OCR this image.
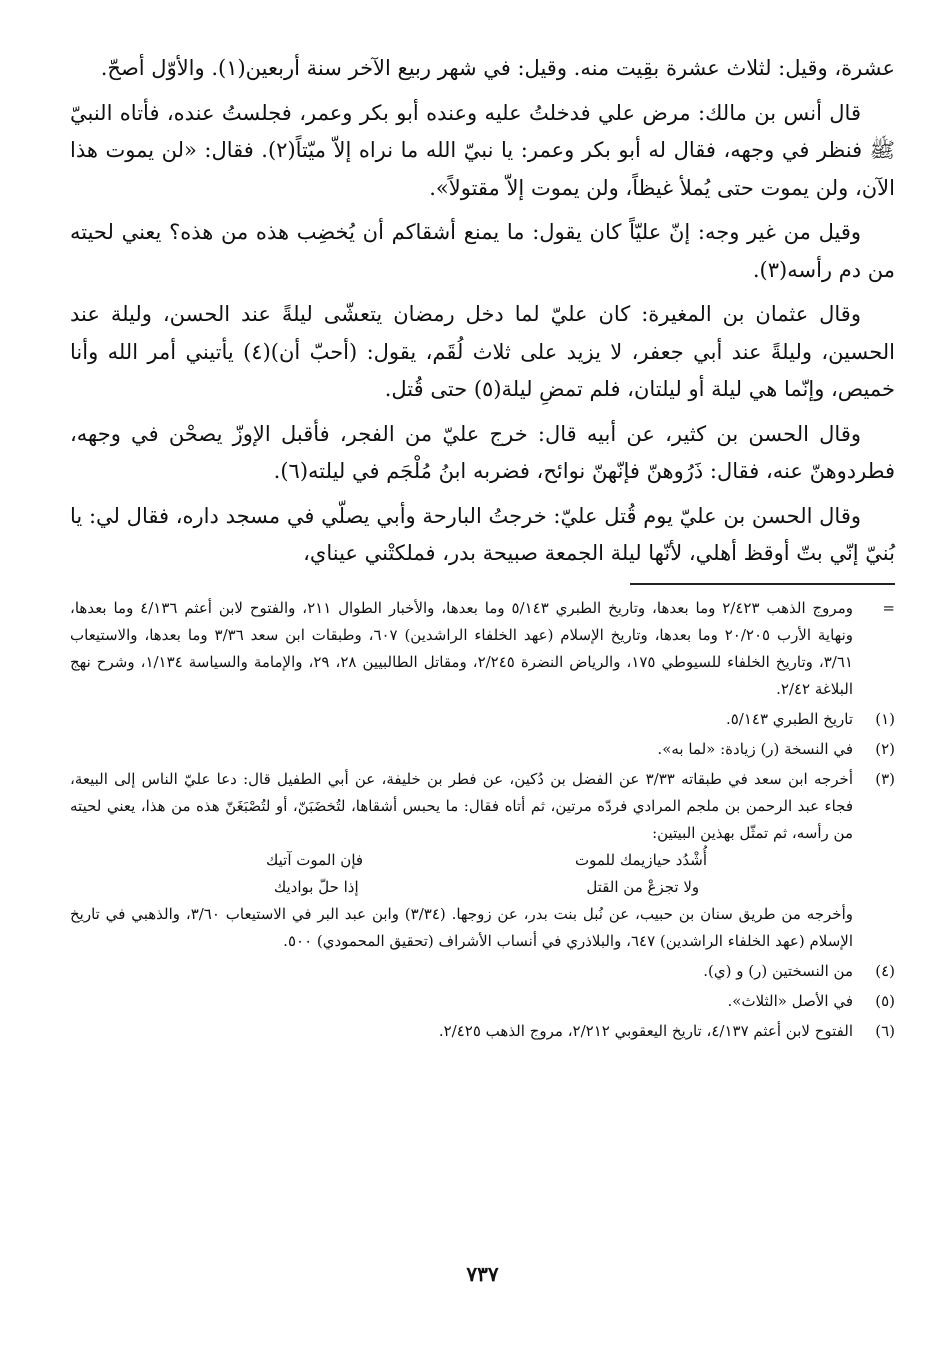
عشرة، وقيل: لثلاث عشرة بقِيت منه. وقيل: في شهر ربيع الآخر سنة أربعين(١). والأوّل أصحّ.

قال أنس بن مالك: مرض علي فدخلتُ عليه وعنده أبو بكر وعمر، فجلستُ عنده، فأتاه النبيّ ﷺ فنظر في وجهه، فقال له أبو بكر وعمر: يا نبيّ الله ما نراه إلاّ ميّتاً(٢). فقال: «لن يموت هذا الآن، ولن يموت حتى يُملأ غيظاً، ولن يموت إلاّ مقتولاً».

وقيل من غير وجه: إنّ عليّاً كان يقول: ما يمنع أشقاكم أن يُخضِب هذه من هذه؟ يعني لحيته من دم رأسه(٣).

وقال عثمان بن المغيرة: كان عليّ لما دخل رمضان يتعشّى ليلةً عند الحسن، وليلة عند الحسين، وليلةً عند أبي جعفر، لا يزيد على ثلاث لُقَم، يقول: (أحبّ أن)(٤) يأتيني أمر الله وأنا خميص، وإنّما هي ليلة أو ليلتان، فلم تمضِ ليلة(٥) حتى قُتل.

وقال الحسن بن كثير، عن أبيه قال: خرج عليّ من الفجر، فأقبل الإوزّ يصحْن في وجهه، فطردوهنّ عنه، فقال: ذَرُوهنّ فإنّهنّ نوائح، فضربه ابنُ مُلْجَم في ليلته(٦).

وقال الحسن بن عليّ يوم قُتل عليّ: خرجتُ البارحة وأبي يصلّي في مسجد داره، فقال لي: يا بُنيّ إنّي بتّ أوقظ أهلي، لأنّها ليلة الجمعة صبيحة بدر، فملكتْني عيناي،

=
ومروج الذهب ٢/٤٢٣ وما بعدها، وتاريخ الطبري ٥/١٤٣ وما بعدها، والأخبار الطوال ٢١١، والفتوح لابن أعثم ٤/١٣٦ وما بعدها، ونهاية الأرب ٢٠/٢٠٥ وما بعدها، وتاريخ الإسلام (عهد الخلفاء الراشدين) ٦٠٧، وطبقات ابن سعد ٣/٣٦ وما بعدها، والاستيعاب ٣/٦١، وتاريخ الخلفاء للسيوطي ١٧٥، والرياض النضرة ٢/٢٤٥، ومقاتل الطالبيين ٢٨، ٢٩، والإمامة والسياسة ١/١٣٤، وشرح نهج البلاغة ٢/٤٢.
(١)
تاريخ الطبري ٥/١٤٣.
(٢)
في النسخة (ر) زيادة: «لما به».
(٣)

أخرجه ابن سعد في طبقاته ٣/٣٣ عن الفضل بن دُكين، عن فطر بن خليفة، عن أبي الطفيل قال: دعا عليّ الناس إلى البيعة، فجاء عبد الرحمن بن ملجم المرادي فردّه مرتين، ثم أتاه فقال: ما يحبس أشقاها، لتُخضَبَنّ، أو لتُصْبَغَنّ هذه من هذا، يعني لحيته من رأسه، ثم تمثّل بهذين البيتين:

أُشْدُد حيازيمك للموت
فإن الموت آتيك
ولا تجزعْ من القتل
إذا حلّ بواديك

وأخرجه من طريق سنان بن حبيب، عن نُبل بنت بدر، عن زوجها. (٣/٣٤) وابن عبد البر في الاستيعاب ٣/٦٠، والذهبي في تاريخ الإسلام (عهد الخلفاء الراشدين) ٦٤٧، والبلاذري في أنساب الأشراف (تحقيق المحمودي) ٥٠٠.

(٤)
من النسختين (ر) و (ي).
(٥)
في الأصل «الثلاث».
(٦)
الفتوح لابن أعثم ٤/١٣٧، تاريخ اليعقوبي ٢/٢١٢، مروج الذهب ٢/٤٢٥.
٧٣٧
